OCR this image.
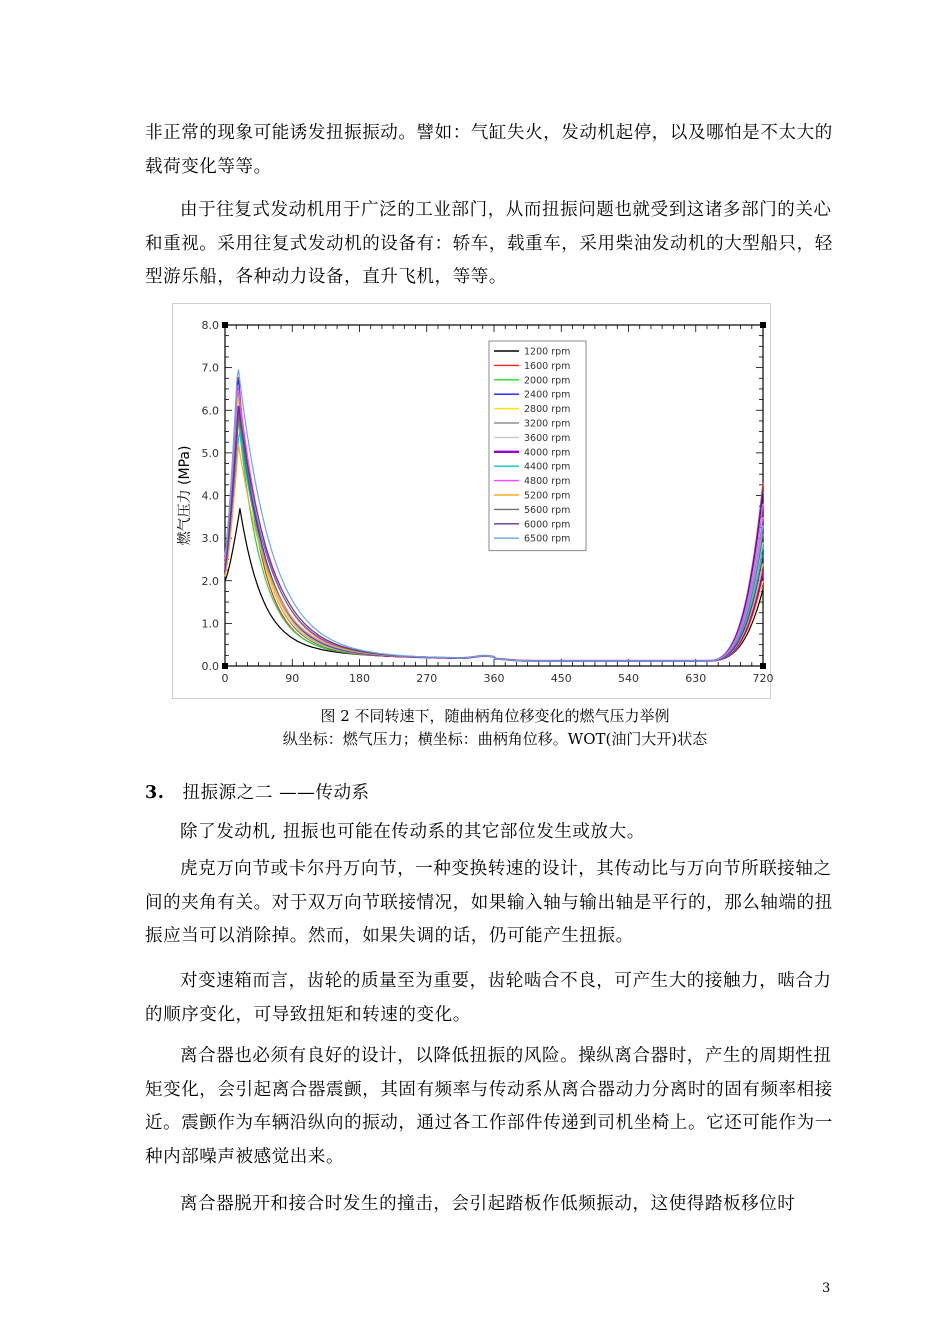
非正常的现象可能诱发扭振振动。譬如：气缸失火，发动机起停，以及哪怕是不太大的载荷变化等等。

由于往复式发动机用于广泛的工业部门，从而扭振问题也就受到这诸多部门的关心和重视。采用往复式发动机的设备有：轿车，载重车，采用柴油发动机的大型船只，轻型游乐船，各种动力设备，直升飞机，等等。

0	90	180	270	360	450	540	630	720
0.0
1.0
2.0
3.0
4.0
5.0
6.0
7.0
8.0
燃气压力 (MPa)
1200 rpm
1600 rpm
2000 rpm
2400 rpm
2800 rpm
3200 rpm
3600 rpm
4000 rpm
4400 rpm
4800 rpm
5200 rpm
5600 rpm
6000 rpm
6500 rpm

图 2 不同转速下，随曲柄角位移变化的燃气压力举例

纵坐标：燃气压力；横坐标：曲柄角位移。WOT(油门大开)状态

3. 扭振源之二 ——传动系

除了发动机, 扭振也可能在传动系的其它部位发生或放大。

虎克万向节或卡尔丹万向节，一种变换转速的设计，其传动比与万向节所联接轴之间的夹角有关。对于双万向节联接情况，如果输入轴与输出轴是平行的，那么轴端的扭振应当可以消除掉。然而，如果失调的话，仍可能产生扭振。

对变速箱而言，齿轮的质量至为重要，齿轮啮合不良，可产生大的接触力，啮合力的顺序变化，可导致扭矩和转速的变化。

离合器也必须有良好的设计，以降低扭振的风险。操纵离合器时，产生的周期性扭矩变化，会引起离合器震颤，其固有频率与传动系从离合器动力分离时的固有频率相接近。震颤作为车辆沿纵向的振动，通过各工作部件传递到司机坐椅上。它还可能作为一种内部噪声被感觉出来。

离合器脱开和接合时发生的撞击，会引起踏板作低频振动，这使得踏板移位时

3
